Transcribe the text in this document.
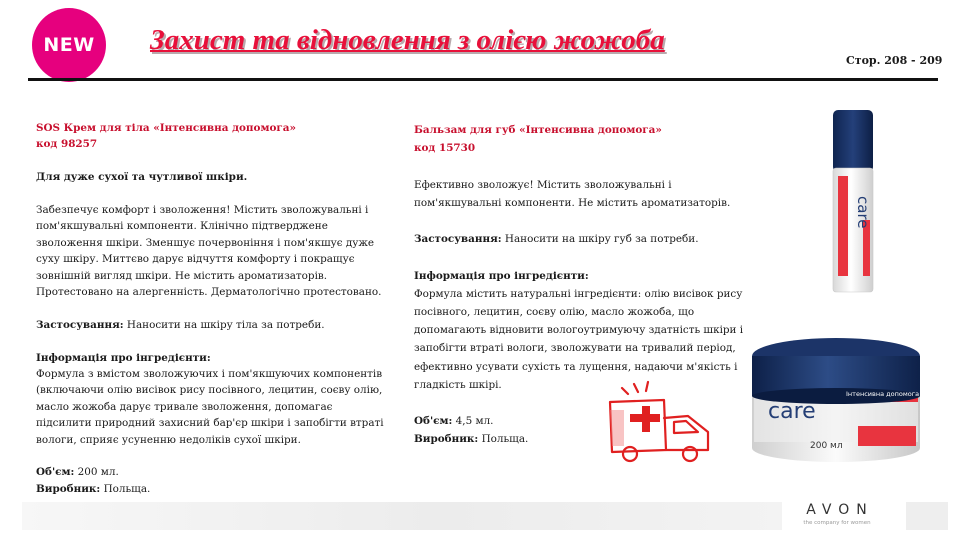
NEW Захист та відновлення з олією жожоба
Стор. 208 - 209

SOS Крем для тіла «Інтенсивна допомога»

код 98257

Для дуже сухої та чутливої шкіри.

Забезпечує комфорт і зволоження! Містить зволожувальні і пом'якшувальні компоненти. Клінічно підтверджене зволоження шкіри. Зменшує почервоніння і пом'якшує дуже суху шкіру. Миттєво дарує відчуття комфорту і покращує зовнішній вигляд шкіри. Не містить ароматизаторів. Протестовано на алергенність. Дерматологічно протестовано.

Застосування: Наносити на шкіру тіла за потреби.

Інформація про інгредієнти:

Формула з вмістом зволожуючих і пом'якшуючих компонентів (включаючи олію висівок рису посівного, лецитин, соєву олію, масло жожоба дарує тривале зволоження, допомагає підсилити природний захисний бар'єр шкіри і запобігти втраті вологи, сприяє усуненню недоліків сухої шкіри.

Об'єм: 200 мл.

Виробник: Польща.

Бальзам для губ «Інтенсивна допомога»

код 15730

Ефективно зволожує! Містить зволожувальні і пом'якшувальні компоненти. Не містить ароматизаторів.

Застосування: Наносити на шкіру губ за потреби.

Інформація про інгредієнти:

Формула містить натуральні інгредієнти: олію висівок рису посівного, лецитин, соєву олію, масло жожоба, що допомагають відновити вологоутримуючу здатність шкіри і запобігти втраті вологи, зволожувати на тривалий період, ефективно усувати сухість та лущення, надаючи м'якість і гладкість шкірі.

Об'єм: 4,5 мл.

Виробник: Польща.

care
care
Інтенсивна допомога
200 мл
AVON
the company for women
